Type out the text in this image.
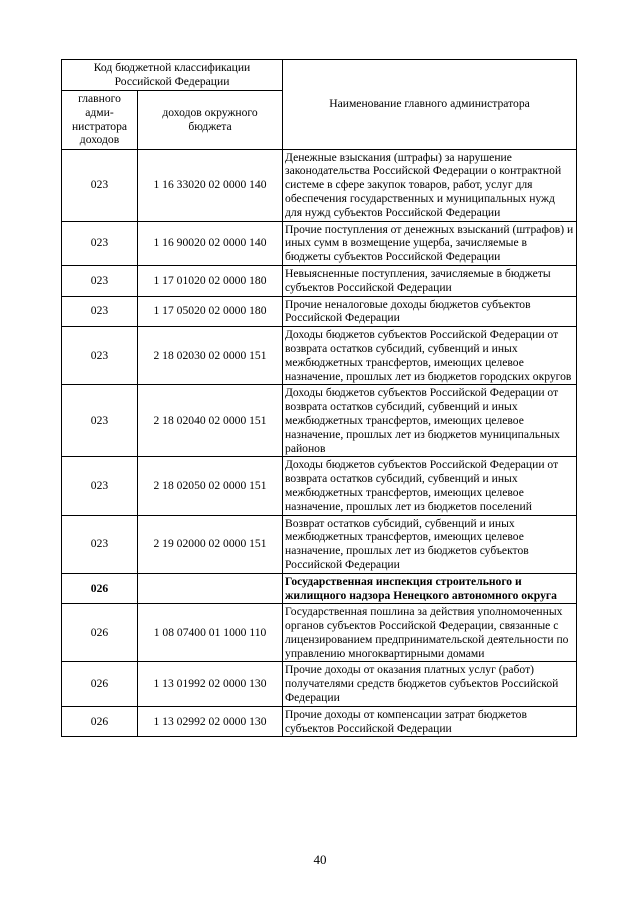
Код бюджетной классификации Российской Федерации		Наименование главного администратора
главного адми-нистратора доходов	доходов окружного бюджета	
023	1 16 33020 02 0000 140	Денежные взыскания (штрафы) за нарушение законодательства Российской Федерации о контрактной системе в сфере закупок товаров, работ, услуг для обеспечения государственных и муниципальных нужд для нужд субъектов Российской Федерации
023	1 16 90020 02 0000 140	Прочие поступления от денежных взысканий (штрафов) и иных сумм в возмещение ущерба, зачисляемые в бюджеты субъектов Российской Федерации
023	1 17 01020 02 0000 180	Невыясненные поступления, зачисляемые в бюджеты субъектов Российской Федерации
023	1 17 05020 02 0000 180	Прочие неналоговые доходы бюджетов субъектов Российской Федерации
023	2 18 02030 02 0000 151	Доходы бюджетов субъектов Российской Федерации от возврата остатков субсидий, субвенций и иных межбюджетных трансфертов, имеющих целевое назначение, прошлых лет из бюджетов городских округов
023	2 18 02040 02 0000 151	Доходы бюджетов субъектов Российской Федерации от возврата остатков субсидий, субвенций и иных межбюджетных трансфертов, имеющих целевое назначение, прошлых лет из бюджетов муниципальных районов
023	2 18 02050 02 0000 151	Доходы бюджетов субъектов Российской Федерации от возврата остатков субсидий, субвенций и иных межбюджетных трансфертов, имеющих целевое назначение, прошлых лет из бюджетов поселений
023	2 19 02000 02 0000 151	Возврат остатков субсидий, субвенций и иных межбюджетных трансфертов, имеющих целевое назначение, прошлых лет из бюджетов субъектов Российской Федерации
026		Государственная инспекция строительного и жилищного надзора Ненецкого автономного округа
026	1 08 07400 01 1000 110	Государственная пошлина за действия уполномоченных органов субъектов Российской Федерации, связанные с лицензированием предпринимательской деятельности по управлению многоквартирными домами
026	1 13 01992 02 0000 130	Прочие доходы от оказания платных услуг (работ) получателями средств бюджетов субъектов Российской Федерации
026	1 13 02992 02 0000 130	Прочие доходы от компенсации затрат бюджетов субъектов Российской Федерации
40
